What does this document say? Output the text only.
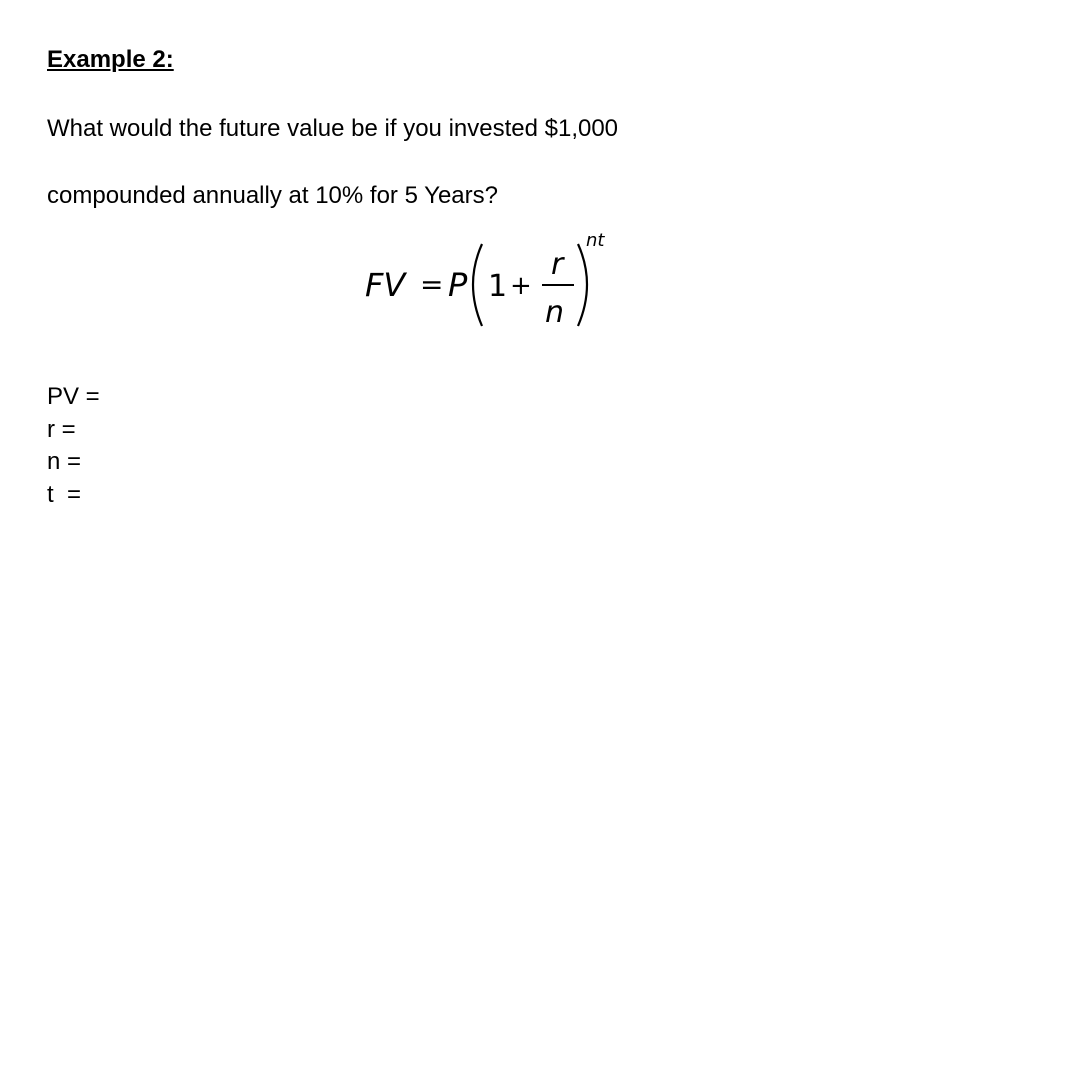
Example 2:
What would the future value be if you invested $1,000
compounded annually at 10% for 5 Years?
FV = P 1 +
r
n
nt
PV =
r =
n =
t  =
